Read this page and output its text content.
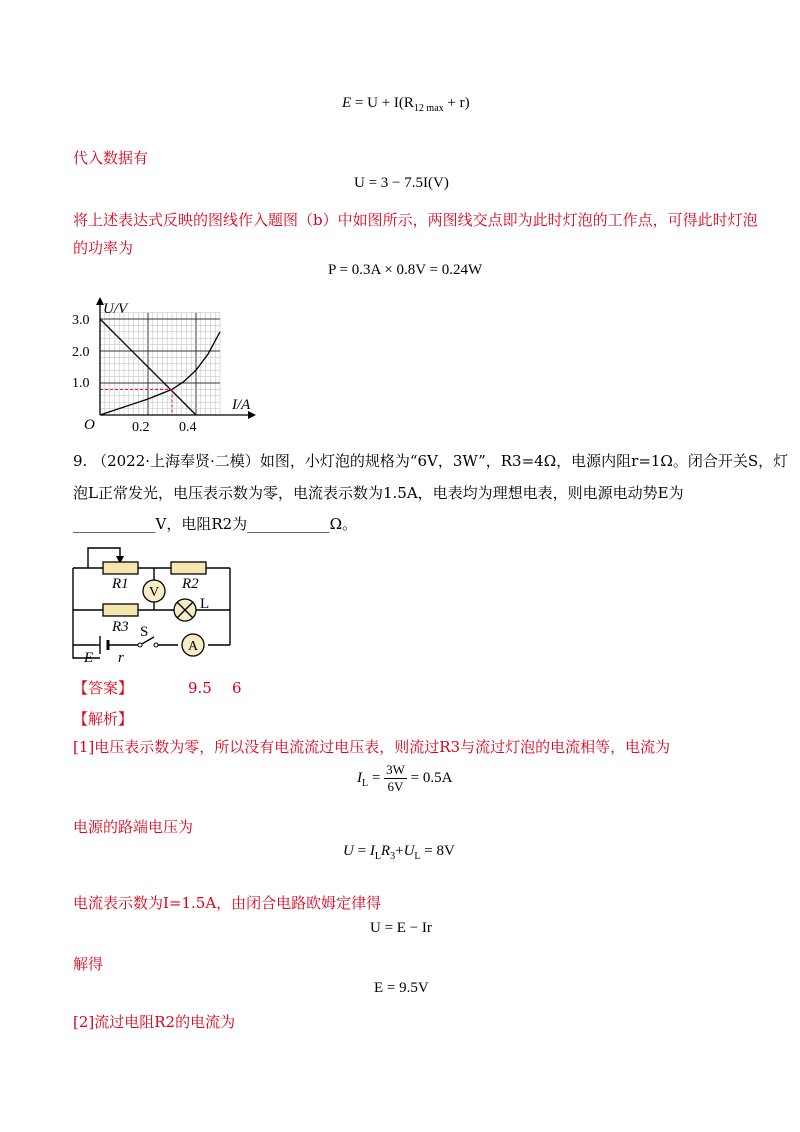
$E = U + I(R_{12 max} + r)$
代入数据有
U = 3 − 7.5I(V)
将上述表达式反映的图线作入题图（b）中如图所示，两图线交点即为此时灯泡的工作点，可得此时灯泡
的功率为
P = 0.3A × 0.8V = 0.24W
U/V
I/A
O
3.0
2.0
1.0
0.2 0.4
9. （2022·上海奉贤·二模）如图，小灯泡的规格为“6V，3W”，R3=4Ω，电源内阻r=1Ω。闭合开关S，灯
泡L正常发光，电压表示数为零，电流表示数为1.5A，电表均为理想电表，则电源电动势E为
___________V，电阻R2为___________Ω。
V
A
R1	R2
R3
L
S
E r
【答案】	9.5 6
【解析】
[1]电压表示数为零，所以没有电流流过电压表，则流过R3与流过灯泡的电流相等，电流为
$I_L = \frac{3W}{6V} = 0.5A$
电源的路端电压为
$U = I_LR_3+U_L = 8V$
电流表示数为I=1.5A，由闭合电路欧姆定律得
U = E − Ir
解得
E = 9.5V
[2]流过电阻R2的电流为
